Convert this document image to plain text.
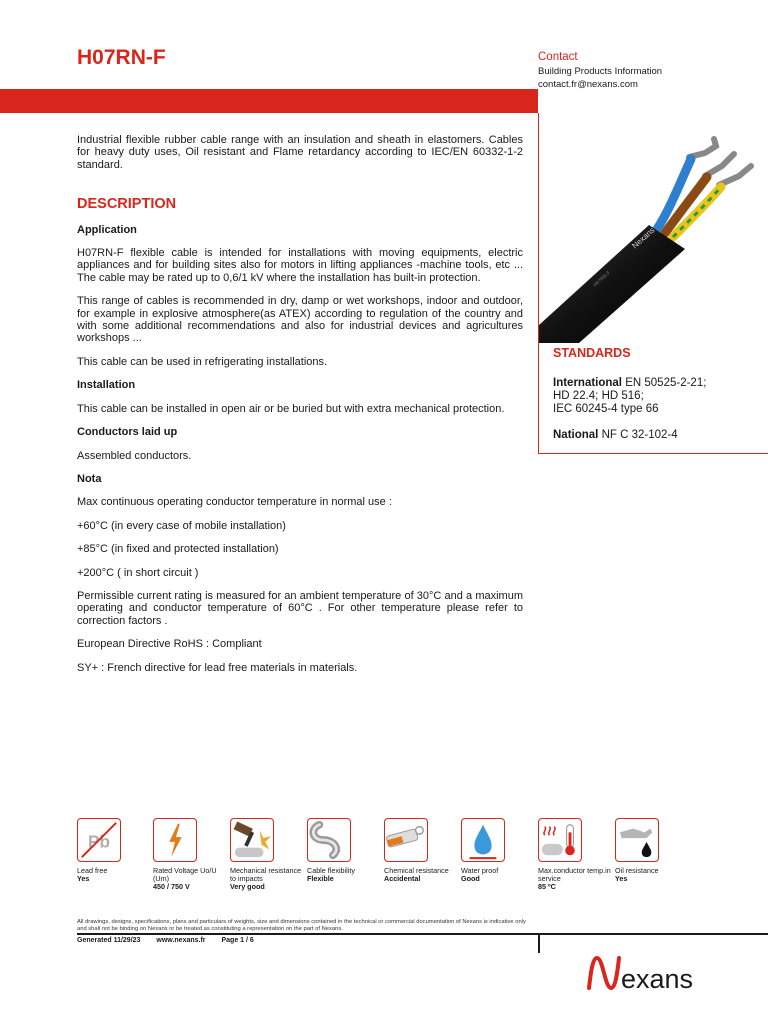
H07RN-F	Contact
Building Products Information
contact.fr@nexans.com
Nexans
H07RN-F
STANDARDS

International EN 50525-2-21;
HD 22.4; HD 516;
IEC 60245-4 type 66

National NF C 32-102-4

Industrial flexible rubber cable range with an insulation and sheath in elastomers. Cables for heavy duty uses, Oil resistant and Flame retardancy according to IEC/EN 60332-1-2 standard.

DESCRIPTION
Application

H07RN-F flexible cable is intended for installations with moving equipments, electric appliances and for building sites also for motors in lifting appliances -machine tools, etc ... The cable may be rated up to 0,6/1 kV where the installation has built-in protection.

This range of cables is recommended in dry, damp or wet workshops, indoor and outdoor, for example in explosive atmosphere(as ATEX) according to regulation of the country and with some additional recommendations and also for industrial devices and agricultures workshops ...

This cable can be used in refrigerating installations.

Installation

This cable can be installed in open air or be buried but with extra mechanical protection.

Conductors laid up

Assembled conductors.

Nota

Max continuous operating conductor temperature in normal use :

+60°C (in every case of mobile installation)

+85°C (in fixed and protected installation)

+200°C ( in short circuit )

Permissible current rating is measured for an ambient temperature of 30°C and a maximum operating and conductor temperature of 60°C . For other temperature please refer to correction factors .

European Directive RoHS : Compliant

SY+ : French directive for lead free materials in materials.

Pb
Lead free
Yes
Rated Voltage Uo/U (Um)
450 / 750 V
Mechanical resistance to impacts
Very good
Cable flexibility
Flexible
Chemical resistance
Accidental
Water proof
Good
Max.conductor temp.in service
85 ºC
Oil resistance
Yes
All drawings, designs, specifications, plans and particulars of weights, size and dimensions contained in the technical or commercial documentation of Nexans is indicative only and shall not be binding on Nexans or be treated as constituting a representation on the part of Nexans.
Generated 11/29/23 www.nexans.fr Page 1 / 6
exans
